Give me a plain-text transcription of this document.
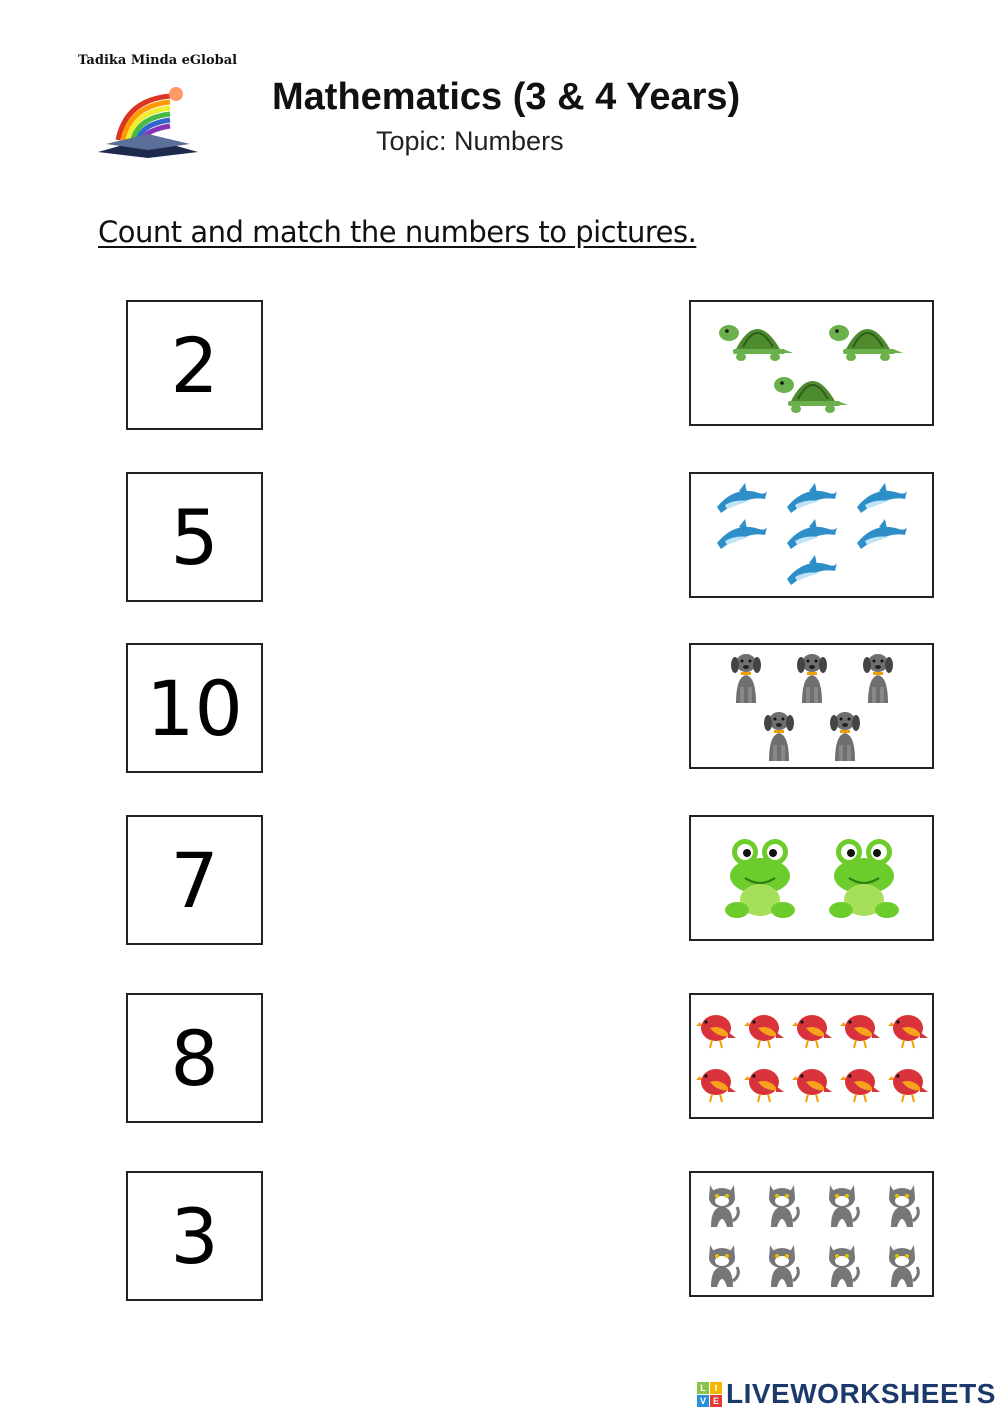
Tadika Minda eGlobal
Mathematics (3 & 4 Years)
Topic: Numbers
Count and match the numbers to pictures.
2
5
10
7
8
3
L I
V E LIVEWORKSHEETS
